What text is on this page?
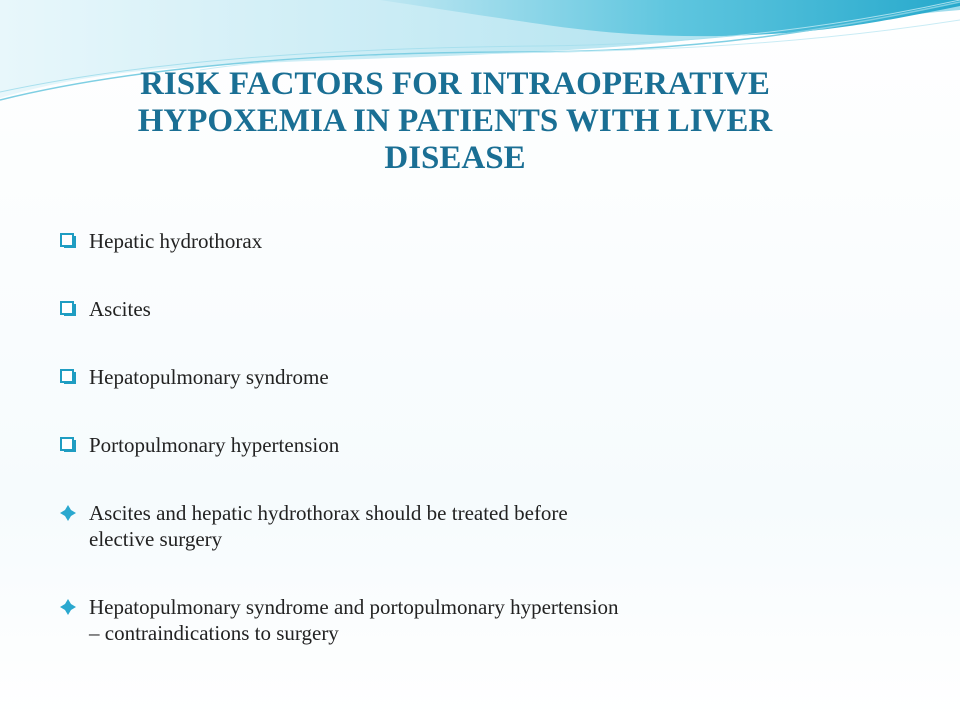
RISK FACTORS FOR INTRAOPERATIVE
HYPOXEMIA IN PATIENTS WITH LIVER
DISEASE
Hepatic hydrothorax
Ascites
Hepatopulmonary syndrome
Portopulmonary hypertension
Ascites and hepatic hydrothorax should be treated before
elective surgery
Hepatopulmonary syndrome and portopulmonary hypertension
– contraindications to surgery
